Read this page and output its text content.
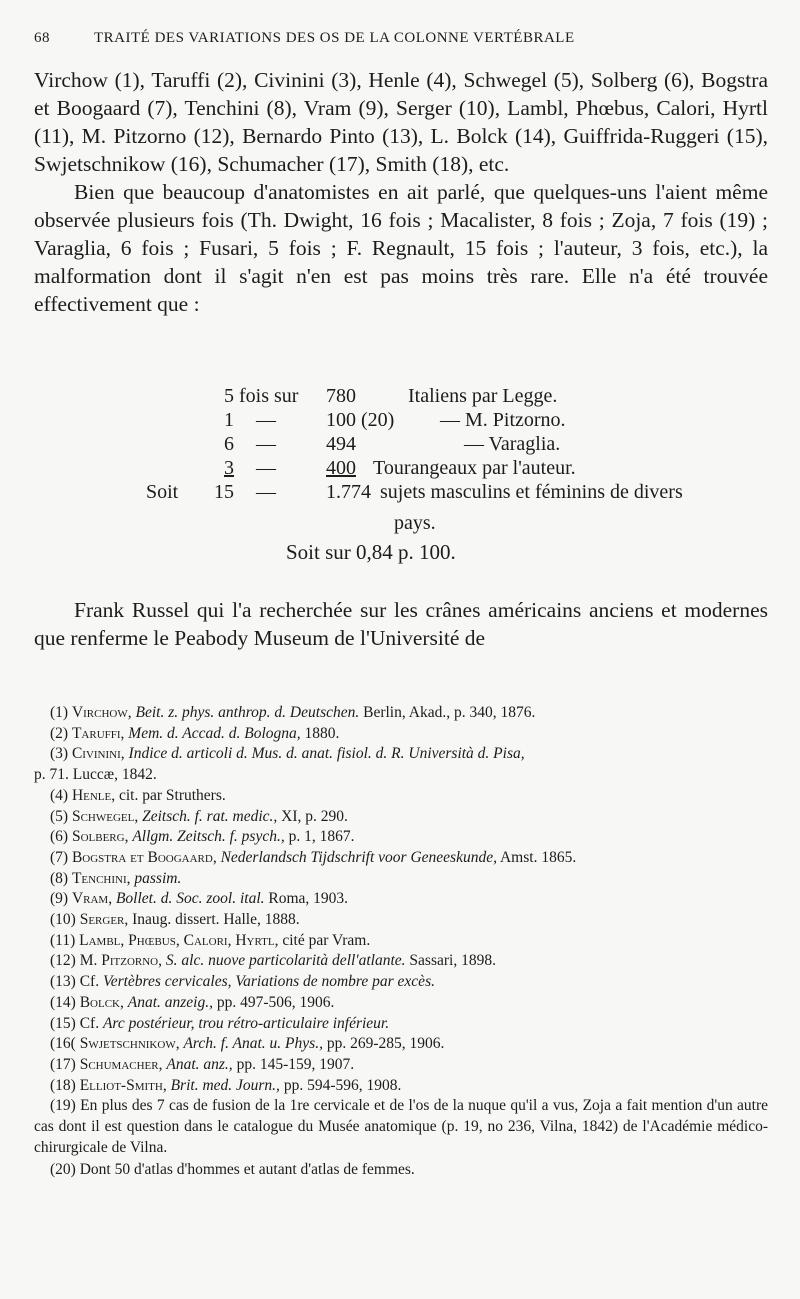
68	TRAITÉ DES VARIATIONS DES OS DE LA COLONNE VERTÉBRALE

Virchow (1), Taruffi (2), Civinini (3), Henle (4), Schwegel (5), Solberg (6), Bogstra et Boogaard (7), Tenchini (8), Vram (9), Serger (10), Lambl, Phœbus, Calori, Hyrtl (11), M. Pitzorno (12), Bernardo Pinto (13), L. Bolck (14), Guiffrida-Ruggeri (15), Swjetschnikow (16), Schumacher (17), Smith (18), etc.

Bien que beaucoup d'anatomistes en ait parlé, que quelques-uns l'aient même observée plusieurs fois (Th. Dwight, 16 fois ; Macalister, 8 fois ; Zoja, 7 fois (19) ; Varaglia, 6 fois ; Fusari, 5 fois ; F. Regnault, 15 fois ; l'auteur, 3 fois, etc.), la malformation dont il s'agit n'en est pas moins très rare. Elle n'a été trouvée effectivement que :

5 fois sur 780	Italiens par Legge.
1 —	100 (20) — M. Pitzorno.
6 —	494	— Varaglia.
3 —	400 Tourangeaux par l'auteur.
Soit 15 —	1.774 sujets masculins et féminins de divers
pays.
Soit sur 0,84 p. 100.

Frank Russel qui l'a recherchée sur les crânes américains anciens et modernes que renferme le Peabody Museum de l'Université de

(1) Virchow, Beit. z. phys. anthrop. d. Deutschen. Berlin, Akad., p. 340, 1876.
(2) Taruffi, Mem. d. Accad. d. Bologna, 1880.
(3) Civinini, Indice d. articoli d. Mus. d. anat. fisiol. d. R. Università d. Pisa,
p. 71. Luccæ, 1842.
(4) Henle, cit. par Struthers.
(5) Schwegel, Zeitsch. f. rat. medic., XI, p. 290.
(6) Solberg, Allgm. Zeitsch. f. psych., p. 1, 1867.
(7) Bogstra et Boogaard, Nederlandsch Tijdschrift voor Geneeskunde, Amst. 1865.
(8) Tenchini, passim.
(9) Vram, Bollet. d. Soc. zool. ital. Roma, 1903.
(10) Serger, Inaug. dissert. Halle, 1888.
(11) Lambl, Phœbus, Calori, Hyrtl, cité par Vram.
(12) M. Pitzorno, S. alc. nuove particolarità dell'atlante. Sassari, 1898.
(13) Cf. Vertèbres cervicales, Variations de nombre par excès.
(14) Bolck, Anat. anzeig., pp. 497-506, 1906.
(15) Cf. Arc postérieur, trou rétro-articulaire inférieur.
(16( Swjetschnikow, Arch. f. Anat. u. Phys., pp. 269-285, 1906.
(17) Schumacher, Anat. anz., pp. 145-159, 1907.
(18) Elliot-Smith, Brit. med. Journ., pp. 594-596, 1908.
(19) En plus des 7 cas de fusion de la 1re cervicale et de l'os de la nuque qu'il a vus, Zoja a fait mention d'un autre cas dont il est question dans le catalogue du Musée anatomique (p. 19, no 236, Vilna, 1842) de l'Académie médico-chirurgicale de Vilna.
(20) Dont 50 d'atlas d'hommes et autant d'atlas de femmes.
